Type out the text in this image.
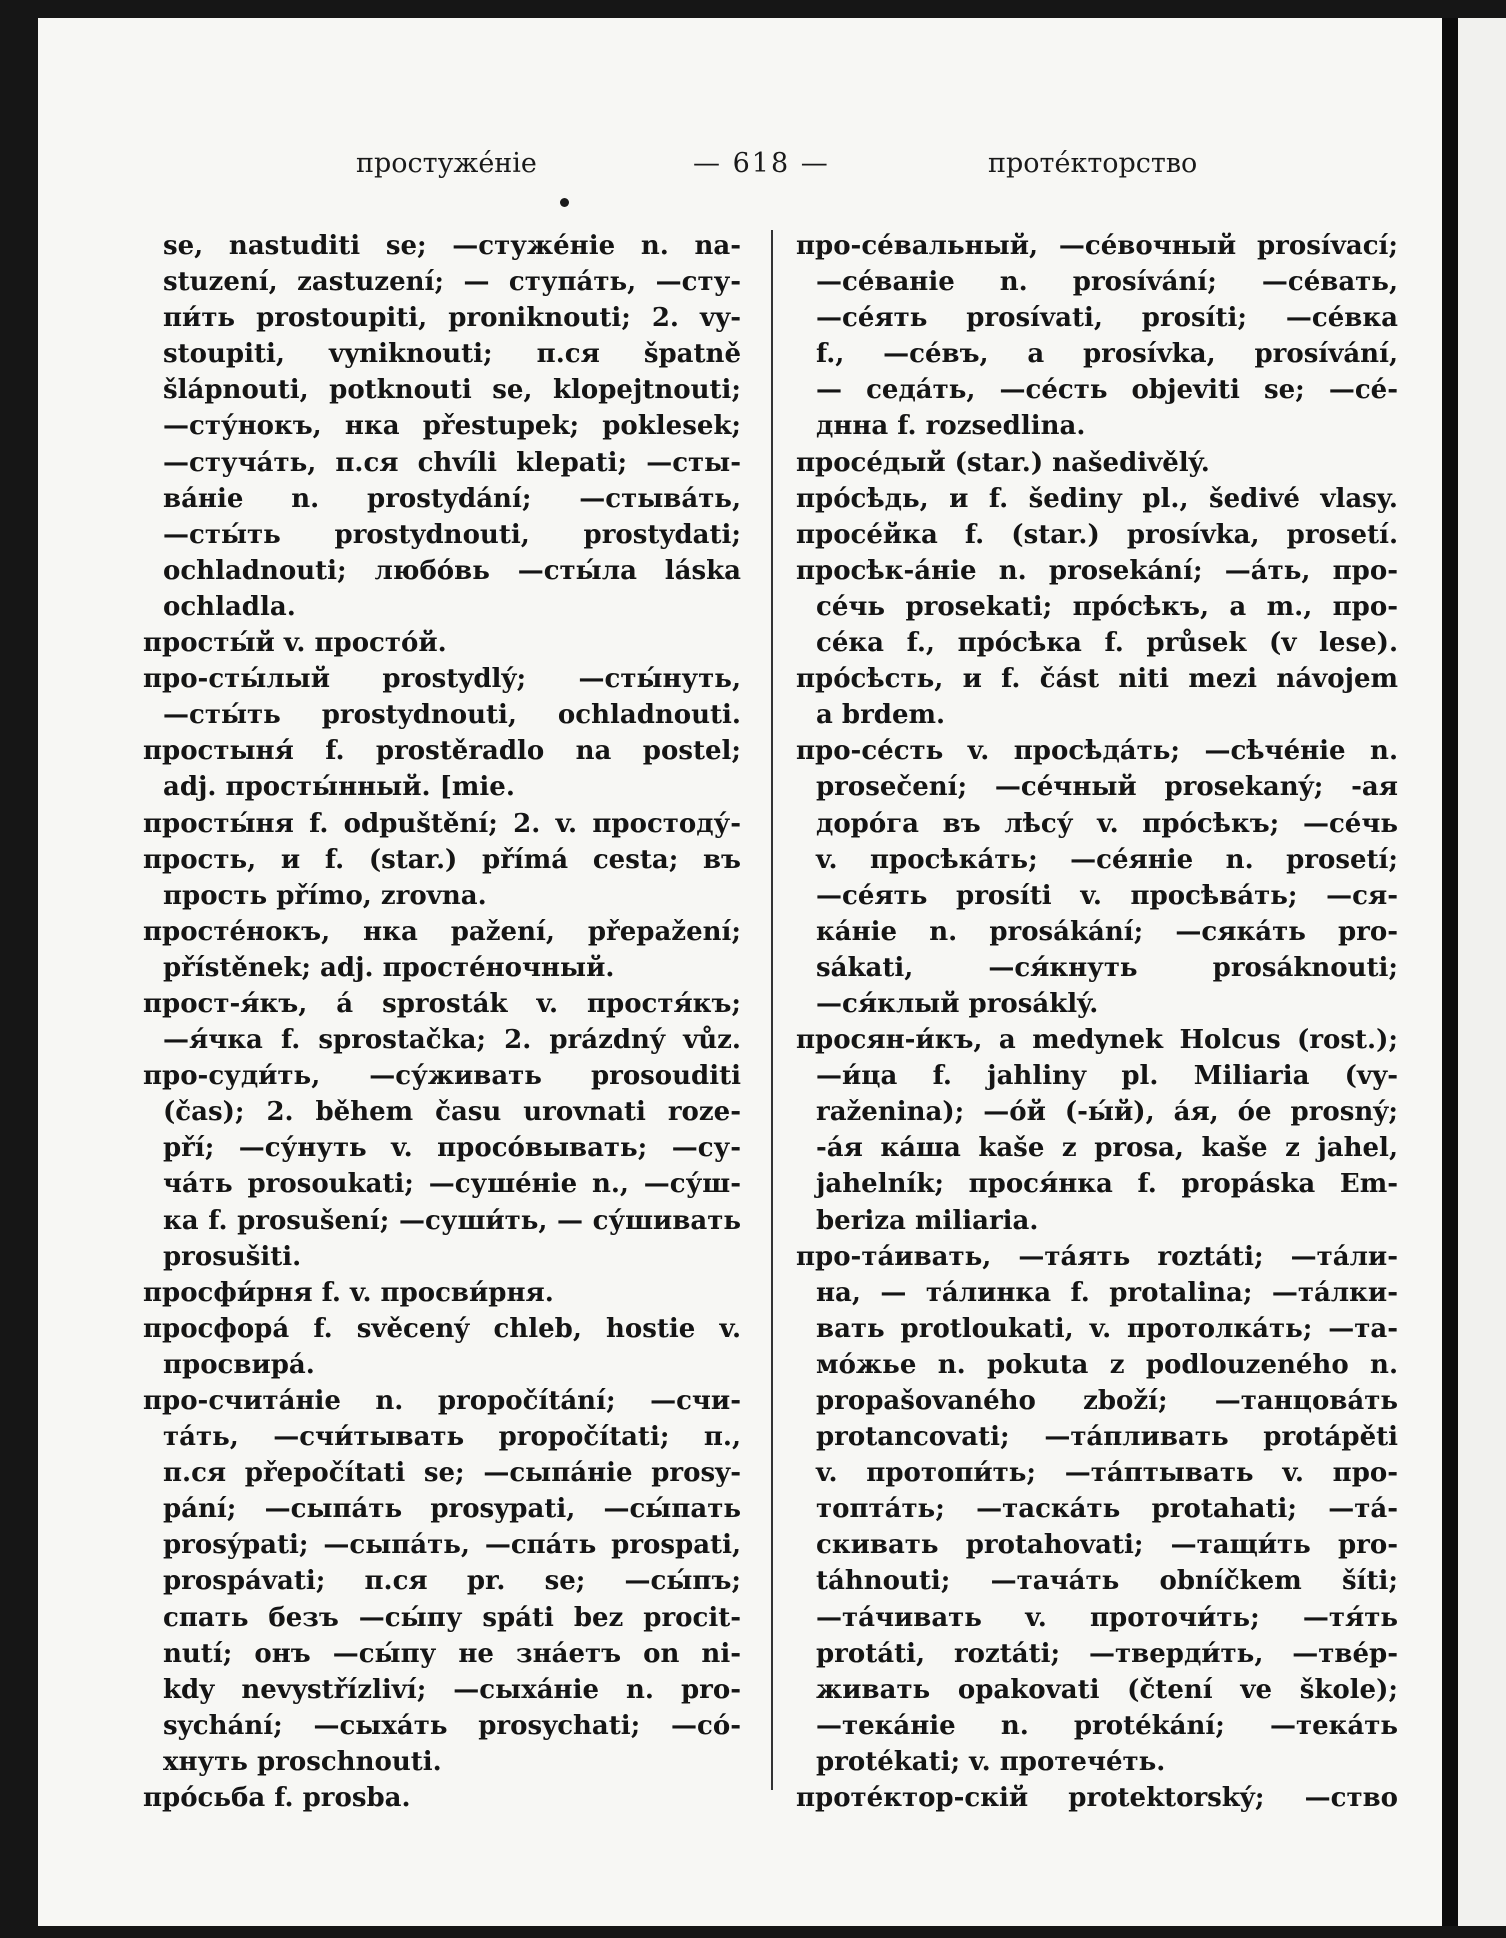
простуже́ніе	— 618 —	проте́кторство
se, nastuditi se; —стуже́ніе n. na-
stuzení, zastuzení; — ступа́ть, —сту-
пи́ть prostoupiti, proniknouti; 2. vy-
stoupiti, vyniknouti; п.ся špatně
šlápnouti, potknouti se, klopejtnouti;
—сту́нокъ, нка přestupek; poklesek;
—стуча́ть, п.ся chvíli klepati; —сты-
ва́ніе n. prostydání; —стыва́ть,
—сты́ть prostydnouti, prostydati;
ochladnouti; любо́вь —сты́ла láska
ochladla.
просты́й v. просто́й.
про-сты́лый prostydlý; —сты́нуть,
—сты́ть prostydnouti, ochladnouti.
простыня́ f. prostěradlo na postel;
adj. просты́нный. [mie.
просты́ня f. odpuštění; 2. v. простоду́-
прость, и f. (star.) přímá cesta; въ
прость přímo, zrovna.
просте́нокъ, нка pažení, přepažení;
přístěnek; adj. просте́ночный.
прост-я́къ, á sprosták v. простя́къ;
—я́чка f. sprostačka; 2. prázdný vůz.
про-суди́ть, —су́живать prosouditi
(čas); 2. během času urovnati roze-
pří; —су́нуть v. просо́вывать; —су-
ча́ть prosoukati; —суше́ніе n., —су́ш-
ка f. prosušení; —суши́ть, — су́шивать
prosušiti.
просфи́рня f. v. просви́рня.
просфора́ f. svěcený chleb, hostie v.
просвира́.
про-счита́ніе n. propočítání; —счи-
та́ть, —счи́тывать propočítati; п.,
п.ся přepočítati se; —сыпа́ніе prosy-
pání; —сыпа́ть prosypati, —сы́пать
prosýpati; —сыпа́ть, —спа́ть prospati,
prospávati; п.ся pr. se; —сы́пъ;
спать безъ —сы́пу spáti bez procit-
nutí; онъ —сы́пу не зна́етъ on ni-
kdy nevystřízliví; —сыха́ніе n. pro-
sychání; —сыха́ть prosychati; —со́-
хнуть proschnouti.
про́сьба f. prosba.
про-се́вальный, —се́вочный prosívací;
—се́ваніе n. prosívání; —се́вать,
—се́ять prosívati, prosíti; —се́вка
f., —се́въ, а prosívka, prosívání,
— седа́ть, —се́сть objeviti se; —се́-
днна f. rozsedlina.
просе́дый (star.) našedivělý.
про́сѣдь, и f. šediny pl., šedivé vlasy.
просе́йка f. (star.) prosívka, prosetí.
просѣк-а́ніе n. prosekání; —а́ть, про-
се́чь prosekati; про́сѣкъ, а m., про-
се́ка f., про́сѣка f. průsek (v lese).
про́сѣсть, и f. část niti mezi návojem
a brdem.
про-се́сть v. просѣда́ть; —сѣче́ніе n.
prosečení; —се́чный prosekaný; -ая
доро́га въ лѣсу́ v. про́сѣкъ; —се́чь
v. просѣка́ть; —се́яніе n. prosetí;
—се́ять prosíti v. просѣва́ть; —ся-
ка́ніе n. prosákání; —сяка́ть pro-
sákati, —ся́кнуть prosáknouti;
—ся́клый prosáklý.
просян-и́къ, a medynek Holcus (rost.);
—и́ца f. jahliny pl. Miliaria (vy-
raženina); —о́й (-ы́й), а́я, о́е prosný;
-а́я ка́ша kaše z prosa, kaše z jahel,
jahelník; прося́нка f. propáska Em-
beriza miliaria.
про-та́ивать, —та́ять roztáti; —та́ли-
на, — та́линка f. protalina; —та́лки-
вать protloukati, v. протолка́ть; —та-
мо́жье n. pokuta z podlouzeného n.
propašovaného zboží; —танцова́ть
protancovati; —та́пливать protápěti
v. протопи́ть; —та́птывать v. про-
топта́ть; —таска́ть protahati; —та́-
скивать protahovati; —тащи́ть pro-
táhnouti; —тача́ть obníčkem šíti;
—та́чивать v. проточи́ть; —тя́ть
protáti, roztáti; —тверди́ть, —тве́р-
живать opakovati (čtení ve škole);
—тека́ніе n. protékání; —тека́ть
protékati; v. протече́ть.
проте́ктор-скій protektorský; —ство
